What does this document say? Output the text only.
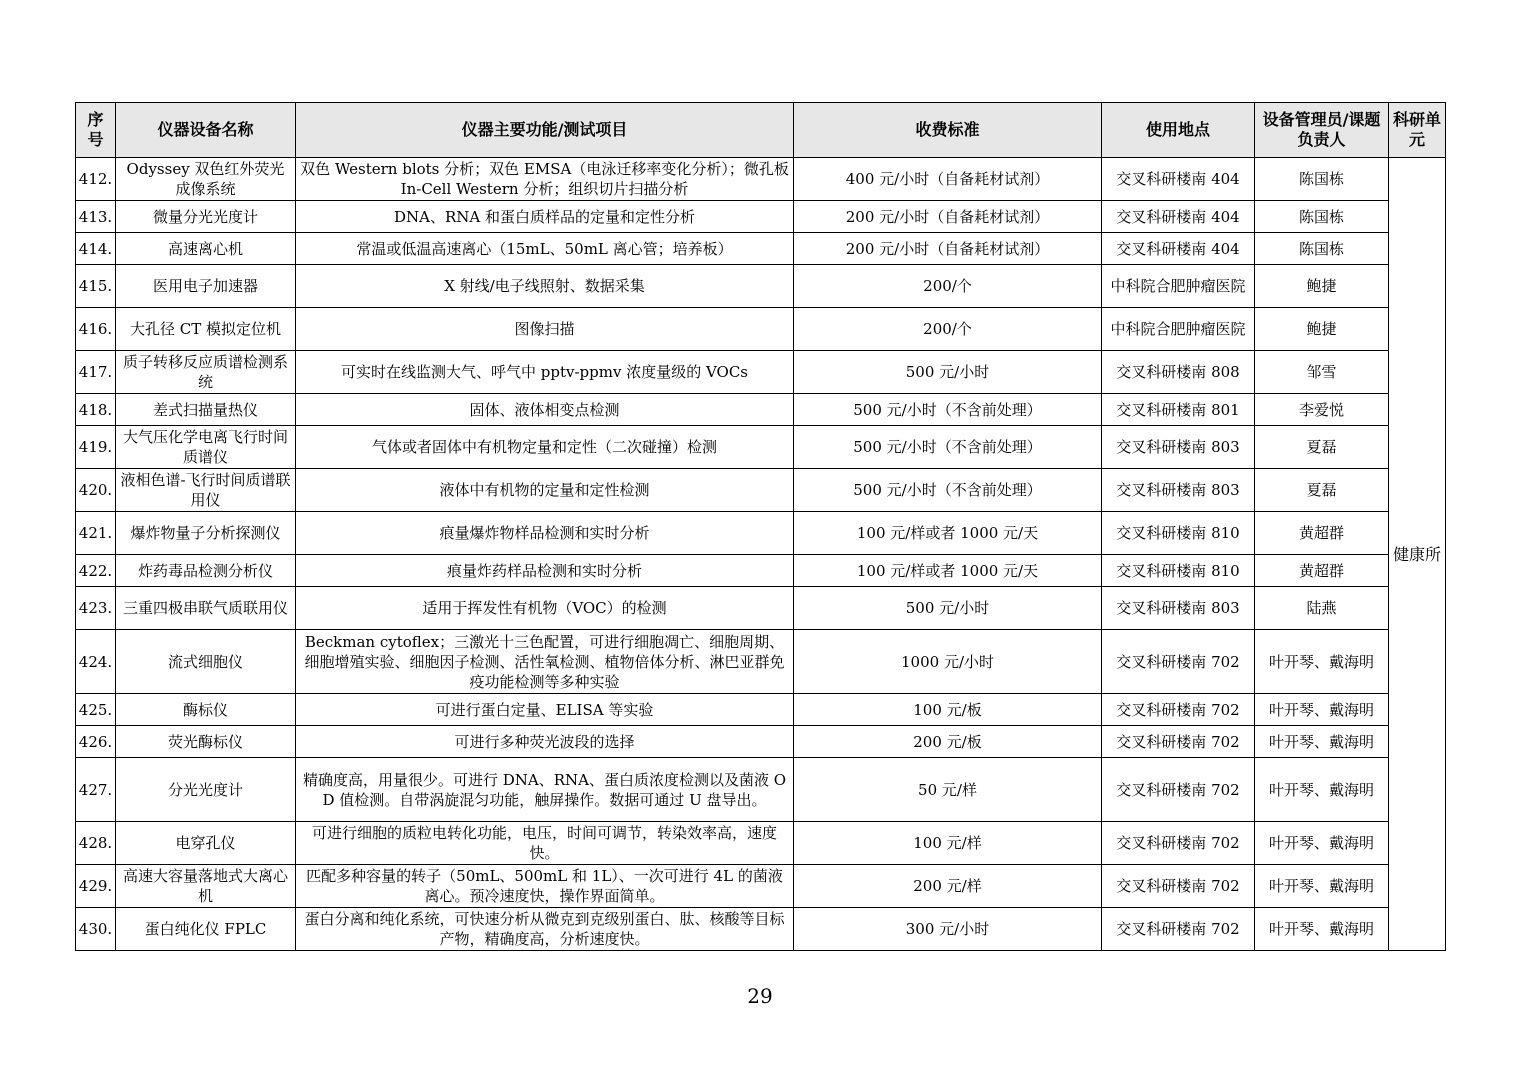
序号	仪器设备名称	仪器主要功能/测试项目	收费标准	使用地点	设备管理员/课题负责人	科研单元
412.	Odyssey 双色红外荧光成像系统	双色 Western blots 分析；双色 EMSA（电泳迁移率变化分析）；微孔板 In-Cell Western 分析；组织切片扫描分析	400 元/小时（自备耗材试剂）	交叉科研楼南 404	陈国栋	健康所
413.	微量分光光度计	DNA、RNA 和蛋白质样品的定量和定性分析	200 元/小时（自备耗材试剂）	交叉科研楼南 404	陈国栋	
414.	高速离心机	常温或低温高速离心（15mL、50mL 离心管；培养板）	200 元/小时（自备耗材试剂）	交叉科研楼南 404	陈国栋	
415.	医用电子加速器	X 射线/电子线照射、数据采集	200/个	中科院合肥肿瘤医院	鲍捷	
416.	大孔径 CT 模拟定位机	图像扫描	200/个	中科院合肥肿瘤医院	鲍捷	
417.	质子转移反应质谱检测系统	可实时在线监测大气、呼气中 pptv-ppmv 浓度量级的 VOCs	500 元/小时	交叉科研楼南 808	邹雪	
418.	差式扫描量热仪	固体、液体相变点检测	500 元/小时（不含前处理）	交叉科研楼南 801	李爱悦	
419.	大气压化学电离飞行时间质谱仪	气体或者固体中有机物定量和定性（二次碰撞）检测	500 元/小时（不含前处理）	交叉科研楼南 803	夏磊	
420.	液相色谱-飞行时间质谱联用仪	液体中有机物的定量和定性检测	500 元/小时（不含前处理）	交叉科研楼南 803	夏磊	
421.	爆炸物量子分析探测仪	痕量爆炸物样品检测和实时分析	100 元/样或者 1000 元/天	交叉科研楼南 810	黄超群	
422.	炸药毒品检测分析仪	痕量炸药样品检测和实时分析	100 元/样或者 1000 元/天	交叉科研楼南 810	黄超群	
423.	三重四极串联气质联用仪	适用于挥发性有机物（VOC）的检测	500 元/小时	交叉科研楼南 803	陆燕	
424.	流式细胞仪	Beckman cytoflex；三激光十三色配置，可进行细胞凋亡、细胞周期、细胞增殖实验、细胞因子检测、活性氧检测、植物倍体分析、淋巴亚群免疫功能检测等多种实验	1000 元/小时	交叉科研楼南 702	叶开琴、戴海明	
425.	酶标仪	可进行蛋白定量、ELISA 等实验	100 元/板	交叉科研楼南 702	叶开琴、戴海明	
426.	荧光酶标仪	可进行多种荧光波段的选择	200 元/板	交叉科研楼南 702	叶开琴、戴海明	
427.	分光光度计	精确度高，用量很少。可进行 DNA、RNA、蛋白质浓度检测以及菌液 OD 值检测。自带涡旋混匀功能，触屏操作。数据可通过 U 盘导出。	50 元/样	交叉科研楼南 702	叶开琴、戴海明	
428.	电穿孔仪	可进行细胞的质粒电转化功能，电压，时间可调节，转染效率高，速度快。	100 元/样	交叉科研楼南 702	叶开琴、戴海明	
429.	高速大容量落地式大离心机	匹配多种容量的转子（50mL、500mL 和 1L）、一次可进行 4L 的菌液离心。预冷速度快，操作界面简单。	200 元/样	交叉科研楼南 702	叶开琴、戴海明	
430.	蛋白纯化仪 FPLC	蛋白分离和纯化系统，可快速分析从微克到克级别蛋白、肽、核酸等目标产物，精确度高，分析速度快。	300 元/小时	交叉科研楼南 702	叶开琴、戴海明	
29
